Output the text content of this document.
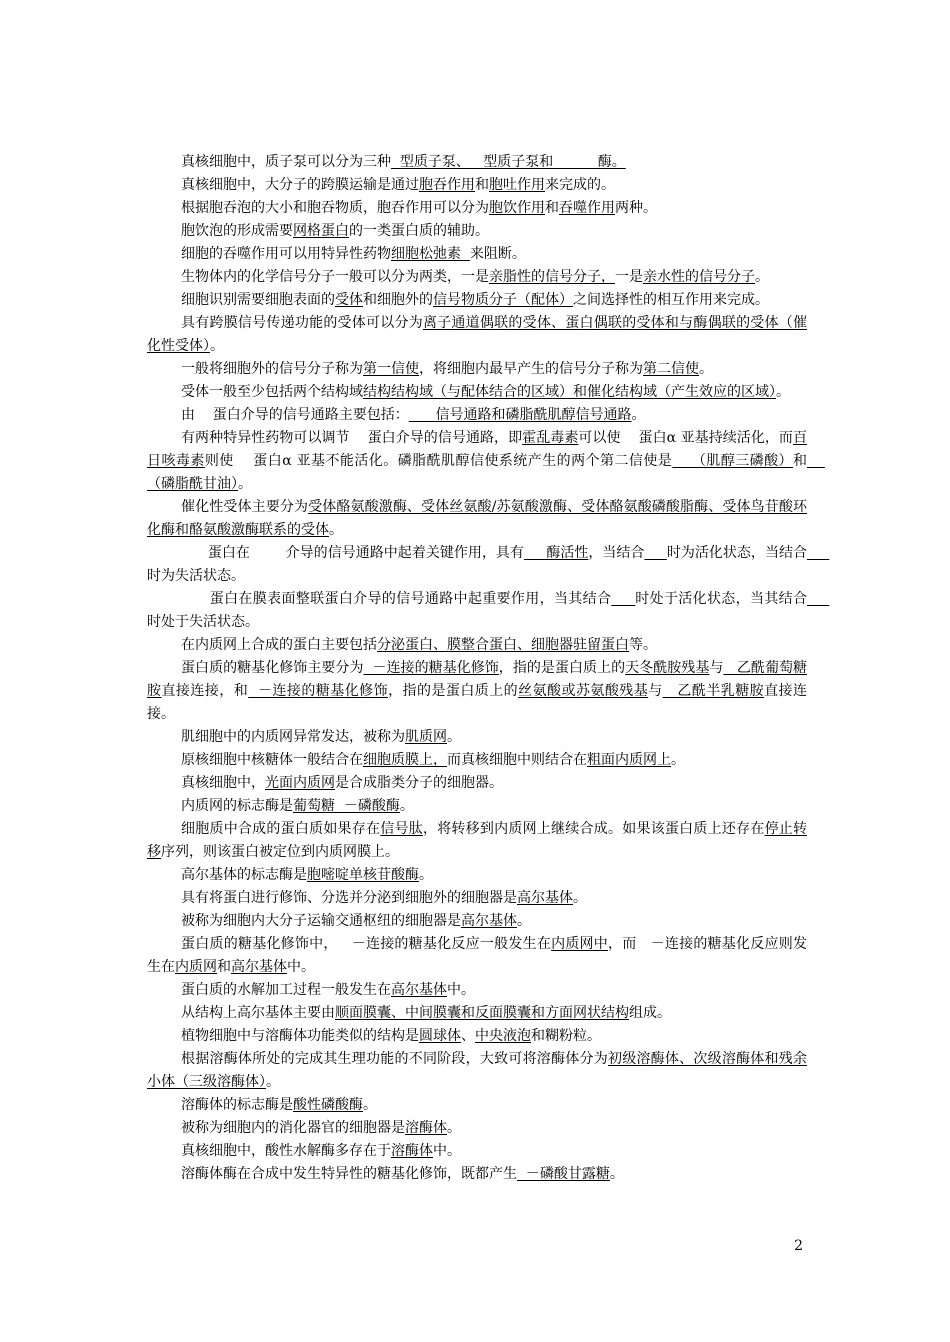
真核细胞中，质子泵可以分为三种  型质子泵、   型质子泵和          酶。

真核细胞中，大分子的跨膜运输是通过胞吞作用和胞吐作用来完成的。

根据胞吞泡的大小和胞吞物质，胞吞作用可以分为胞饮作用和吞噬作用两种。

胞饮泡的形成需要网格蛋白的一类蛋白质的辅助。

细胞的吞噬作用可以用特异性药物细胞松弛素  来阻断。

生物体内的化学信号分子一般可以分为两类，一是亲脂性的信号分子，一是亲水性的信号分子。

细胞识别需要细胞表面的受体和细胞外的信号物质分子（配体）之间选择性的相互作用来完成。

具有跨膜信号传递功能的受体可以分为离子通道偶联的受体、蛋白偶联的受体和与酶偶联的受体（催化性受体）。

一般将细胞外的信号分子称为第一信使，将细胞内最早产生的信号分子称为第二信使。

受体一般至少包括两个结构域结构结构域（与配体结合的区域）和催化结构域（产生效应的区域）。

由    蛋白介导的信号通路主要包括：      信号通路和磷脂酰肌醇信号通路。

有两种特异性药物可以调节    蛋白介导的信号通路，即霍乱毒素可以使    蛋白α 亚基持续活化，而百日咳毒素则使    蛋白α 亚基不能活化。磷脂酰肌醇信使系统产生的两个第二信使是    （肌醇三磷酸）和    （磷脂酰甘油）。

催化性受体主要分为受体酪氨酸激酶、受体丝氨酸/苏氨酸激酶、受体酪氨酸磷酸脂酶、受体鸟苷酸环化酶和酪氨酸激酶联系的受体。

蛋白在        介导的信号通路中起着关键作用，具有     酶活性，当结合 时为活化状态，当结合     时为失活状态。

蛋白在膜表面整联蛋白介导的信号通路中起重要作用，当其结合 时处于活化状态，当其结合     时处于失活状态。

在内质网上合成的蛋白主要包括分泌蛋白、膜整合蛋白、细胞器驻留蛋白等。

蛋白质的糖基化修饰主要分为  －连接的糖基化修饰，指的是蛋白质上的天冬酰胺残基与   乙酰葡萄糖胺直接连接，和  －连接的糖基化修饰，指的是蛋白质上的丝氨酸或苏氨酸残基与   乙酰半乳糖胺直接连接。

肌细胞中的内质网异常发达，被称为肌质网。

原核细胞中核糖体一般结合在细胞质膜上，而真核细胞中则结合在粗面内质网上。

真核细胞中，光面内质网是合成脂类分子的细胞器。

内质网的标志酶是葡萄糖  －磷酸酶。

细胞质中合成的蛋白质如果存在信号肽，将转移到内质网上继续合成。如果该蛋白质上还存在停止转移序列，则该蛋白被定位到内质网膜上。

高尔基体的标志酶是胞嘧啶单核苷酸酶。

具有将蛋白进行修饰、分选并分泌到细胞外的细胞器是高尔基体。

被称为细胞内大分子运输交通枢纽的细胞器是高尔基体。

蛋白质的糖基化修饰中，   －连接的糖基化反应一般发生在内质网中，而   －连接的糖基化反应则发生在内质网和高尔基体中。

蛋白质的水解加工过程一般发生在高尔基体中。

从结构上高尔基体主要由顺面膜囊、中间膜囊和反面膜囊和方面网状结构组成。

植物细胞中与溶酶体功能类似的结构是圆球体、中央液泡和糊粉粒。

根据溶酶体所处的完成其生理功能的不同阶段，大致可将溶酶体分为初级溶酶体、次级溶酶体和残余小体（三级溶酶体）。

溶酶体的标志酶是酸性磷酸酶。

被称为细胞内的消化器官的细胞器是溶酶体。

真核细胞中，酸性水解酶多存在于溶酶体中。

溶酶体酶在合成中发生特异性的糖基化修饰，既都产生  －磷酸甘露糖。

2
